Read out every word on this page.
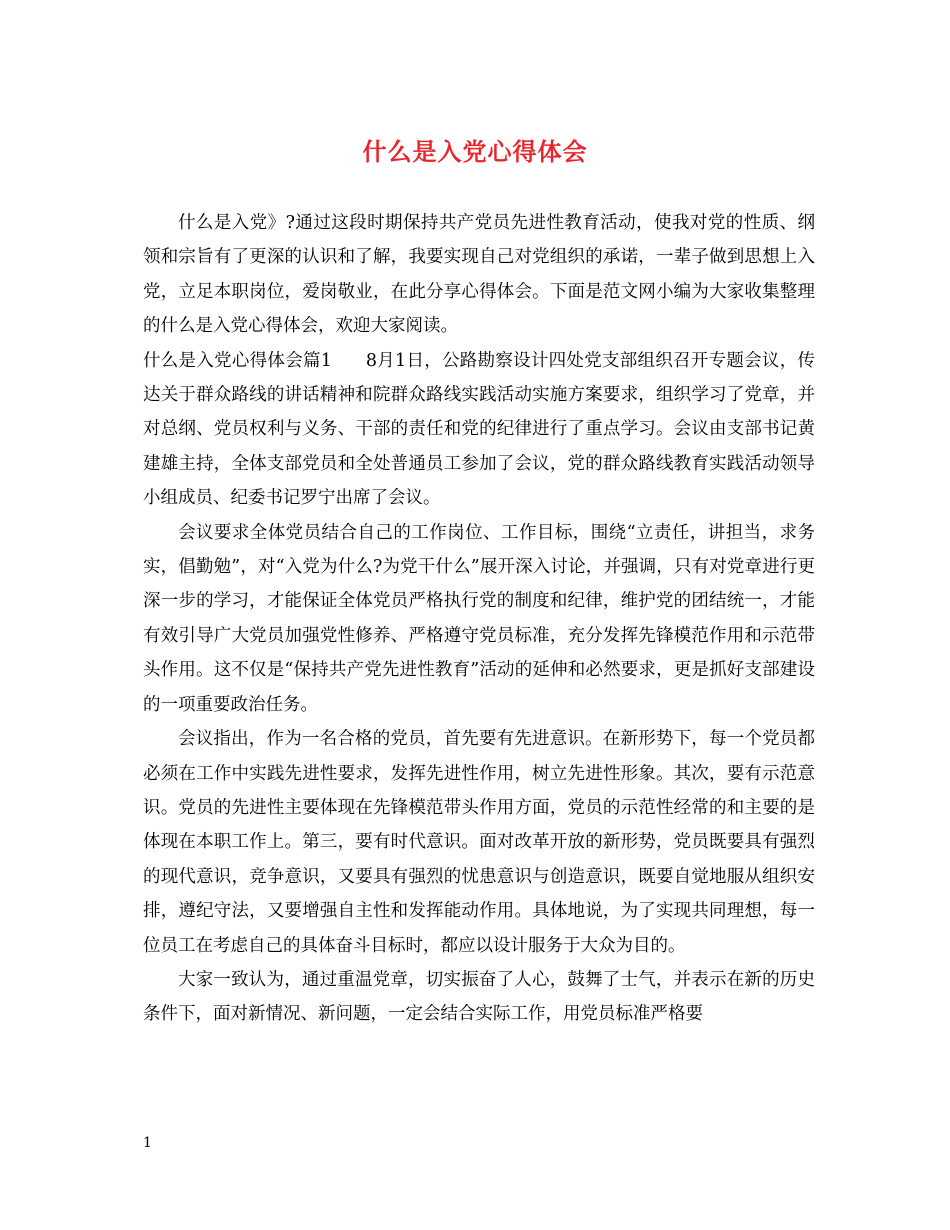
什么是入党心得体会

什么是入党》?通过这段时期保持共产党员先进性教育活动，使我对党的性质、纲领和宗旨有了更深的认识和了解，我要实现自己对党组织的承诺，一辈子做到思想上入党，立足本职岗位，爱岗敬业，在此分享心得体会。下面是范文网小编为大家收集整理的什么是入党心得体会，欢迎大家阅读。

什么是入党心得体会篇1 8月1日，公路勘察设计四处党支部组织召开专题会议，传达关于群众路线的讲话精神和院群众路线实践活动实施方案要求，组织学习了党章，并对总纲、党员权利与义务、干部的责任和党的纪律进行了重点学习。会议由支部书记黄建雄主持，全体支部党员和全处普通员工参加了会议，党的群众路线教育实践活动领导小组成员、纪委书记罗宁出席了会议。

会议要求全体党员结合自己的工作岗位、工作目标，围绕“立责任，讲担当，求务实，倡勤勉”，对“入党为什么?为党干什么”展开深入讨论，并强调，只有对党章进行更深一步的学习，才能保证全体党员严格执行党的制度和纪律，维护党的团结统一，才能有效引导广大党员加强党性修养、严格遵守党员标准，充分发挥先锋模范作用和示范带头作用。这不仅是“保持共产党先进性教育”活动的延伸和必然要求，更是抓好支部建设的一项重要政治任务。

会议指出，作为一名合格的党员，首先要有先进意识。在新形势下，每一个党员都必须在工作中实践先进性要求，发挥先进性作用，树立先进性形象。其次，要有示范意识。党员的先进性主要体现在先锋模范带头作用方面，党员的示范性经常的和主要的是体现在本职工作上。第三，要有时代意识。面对改革开放的新形势，党员既要具有强烈的现代意识，竞争意识，又要具有强烈的忧患意识与创造意识，既要自觉地服从组织安排，遵纪守法，又要增强自主性和发挥能动作用。具体地说，为了实现共同理想，每一位员工在考虑自己的具体奋斗目标时，都应以设计服务于大众为目的。

大家一致认为，通过重温党章，切实振奋了人心，鼓舞了士气，并表示在新的历史条件下，面对新情况、新问题，一定会结合实际工作，用党员标准严格要

1
